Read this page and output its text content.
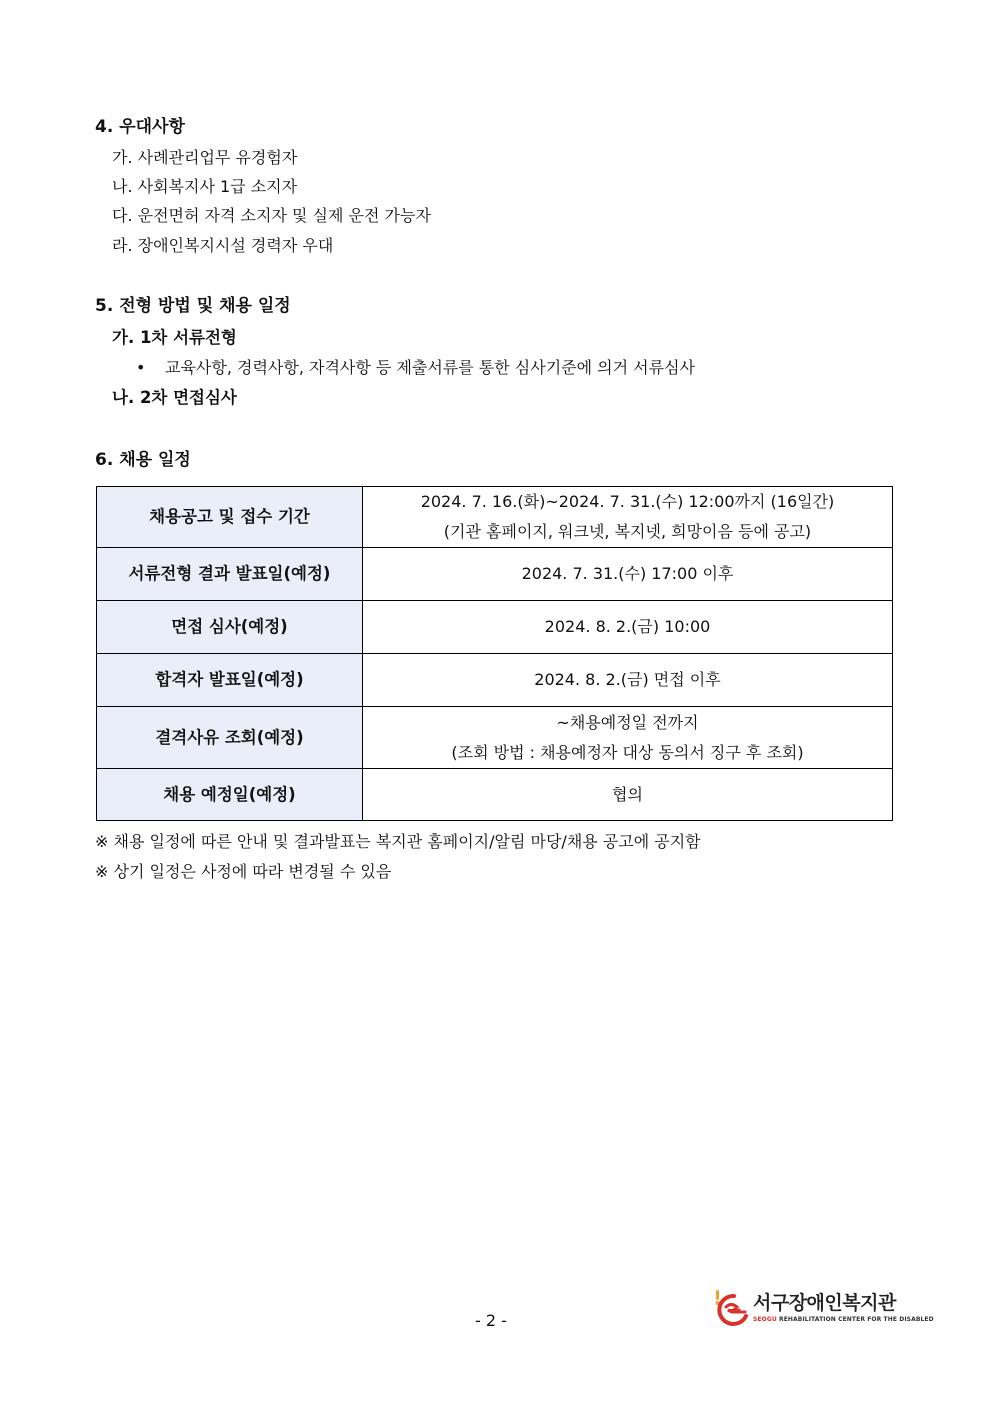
4. 우대사항

가. 사례관리업무 유경험자

나. 사회복지사 1급 소지자

다. 운전면허 자격 소지자 및 실제 운전 가능자

라. 장애인복지시설 경력자 우대

5. 전형 방법 및 채용 일정

가. 1차 서류전형

• 교육사항, 경력사항, 자격사항 등 제출서류를 통한 심사기준에 의거 서류심사

나. 2차 면접심사

6. 채용 일정
채용공고 및 접수 기간	2024. 7. 16.(화)~2024. 7. 31.(수) 12:00까지 (16일간)
(기관 홈페이지, 워크넷, 복지넷, 희망이음 등에 공고)

서류전형 결과 발표일(예정)	2024. 7. 31.(수) 17:00 이후
면접 심사(예정)	2024. 8. 2.(금) 10:00
합격자 발표일(예정)	2024. 8. 2.(금) 면접 이후
결격사유 조회(예정)	~채용예정일 전까지
(조회 방법 : 채용예정자 대상 동의서 징구 후 조회)

채용 예정일(예정)	협의

※ 채용 일정에 따른 안내 및 결과발표는 복지관 홈페이지/알림 마당/채용 공고에 공지함

※ 상기 일정은 사정에 따라 변경될 수 있음

- 2 -
서구장애인복지관
SEOGU REHABILITATION CENTER FOR THE DISABLED
